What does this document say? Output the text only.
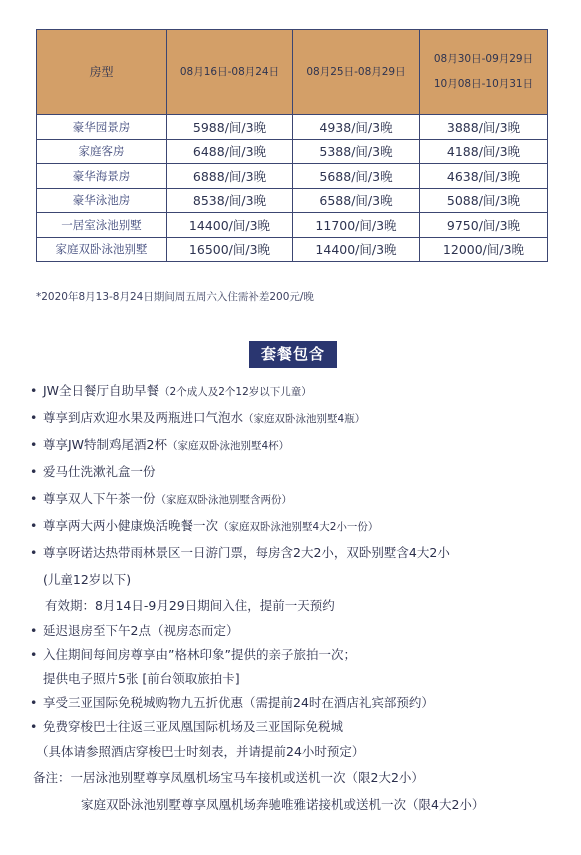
房型	08月16日-08月24日	08月25日-08月29日	08月30日-09月29日
10月08日-10月31日

豪华园景房	5988/间/3晚	4938/间/3晚	3888/间/3晚
家庭客房	6488/间/3晚	5388/间/3晚	4188/间/3晚
豪华海景房	6888/间/3晚	5688/间/3晚	4638/间/3晚
豪华泳池房	8538/间/3晚	6588/间/3晚	5088/间/3晚
一居室泳池别墅	14400/间/3晚	11700/间/3晚	9750/间/3晚
家庭双卧泳池别墅	16500/间/3晚	14400/间/3晚	12000/间/3晚
*2020年8月13-8月24日期间周五周六入住需补差200元/晚
套餐包含
• JW全日餐厅自助早餐（2个成人及2个12岁以下儿童）
• 尊享到店欢迎水果及两瓶进口气泡水（家庭双卧泳池别墅4瓶）
• 尊享JW特制鸡尾酒2杯（家庭双卧泳池别墅4杯）
• 爱马仕洗漱礼盒一份
• 尊享双人下午茶一份（家庭双卧泳池别墅含两份）
• 尊享两大两小健康焕活晚餐一次（家庭双卧泳池别墅4大2小一份）
• 尊享呀诺达热带雨林景区一日游门票，每房含2大2小，双卧别墅含4大2小
(儿童12岁以下)
有效期：8月14日-9月29日期间入住，提前一天预约
• 延迟退房至下午2点（视房态而定）
• 入住期间每间房尊享由”格林印象”提供的亲子旅拍一次；
提供电子照片5张 [前台领取旅拍卡]
• 享受三亚国际免税城购物九五折优惠（需提前24时在酒店礼宾部预约）
• 免费穿梭巴士往返三亚凤凰国际机场及三亚国际免税城
（具体请参照酒店穿梭巴士时刻表，并请提前24小时预定）
备注：一居泳池别墅尊享凤凰机场宝马车接机或送机一次（限2大2小）
家庭双卧泳池别墅尊享凤凰机场奔驰唯雅诺接机或送机一次（限4大2小）
